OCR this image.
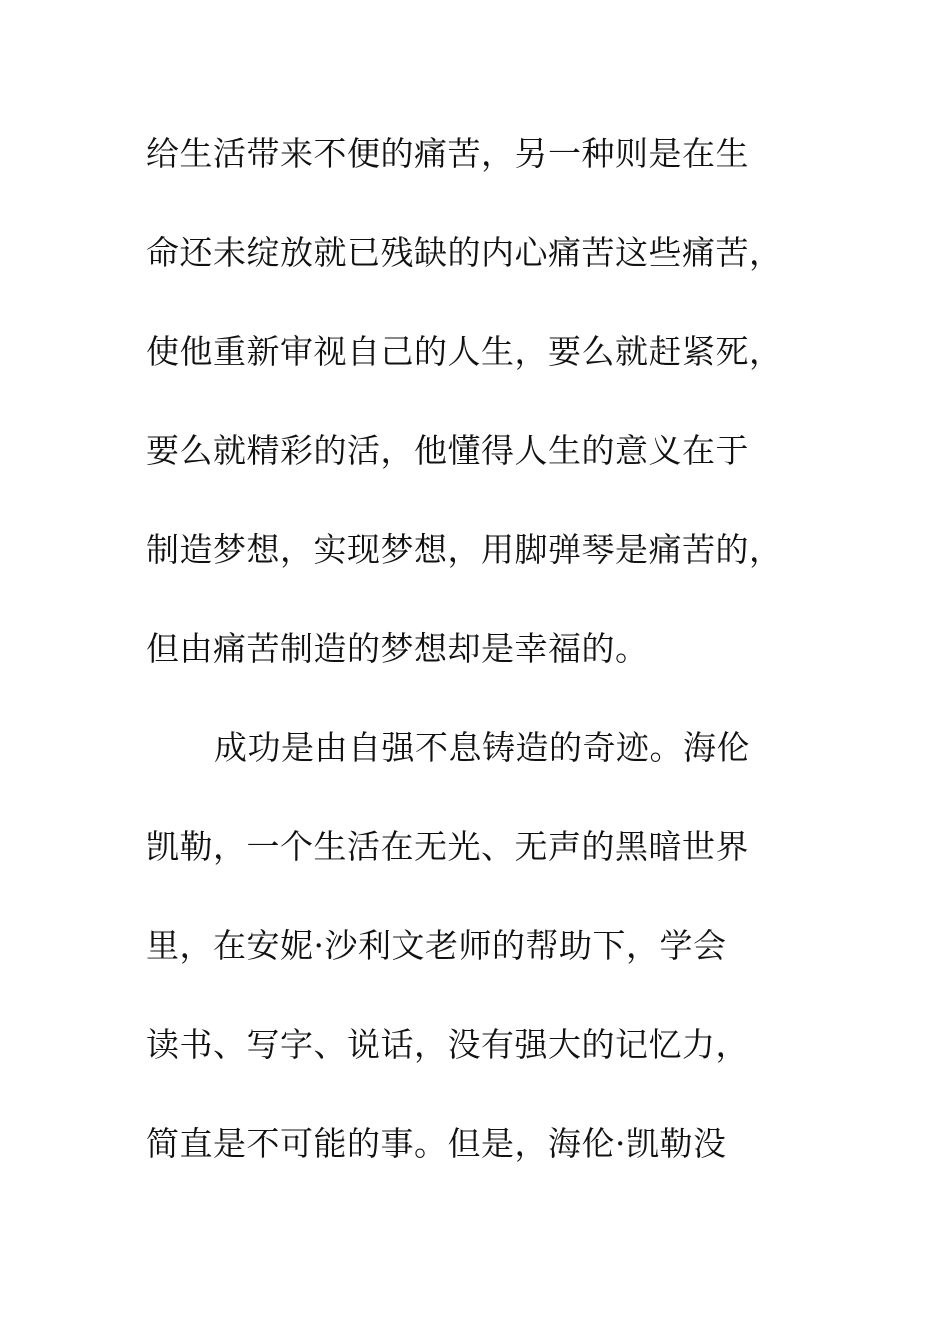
给生活带来不便的痛苦，另一种则是在生
命还未绽放就已残缺的内心痛苦这些痛苦，
使他重新审视自己的人生，要么就赶紧死，
要么就精彩的活，他懂得人生的意义在于
制造梦想，实现梦想，用脚弹琴是痛苦的，
但由痛苦制造的梦想却是幸福的。
成功是由自强不息铸造的奇迹。海伦
凯勒，一个生活在无光、无声的黑暗世界
里，在安妮·沙利文老师的帮助下，学会
读书、写字、说话，没有强大的记忆力，
简直是不可能的事。但是，海伦·凯勒没
